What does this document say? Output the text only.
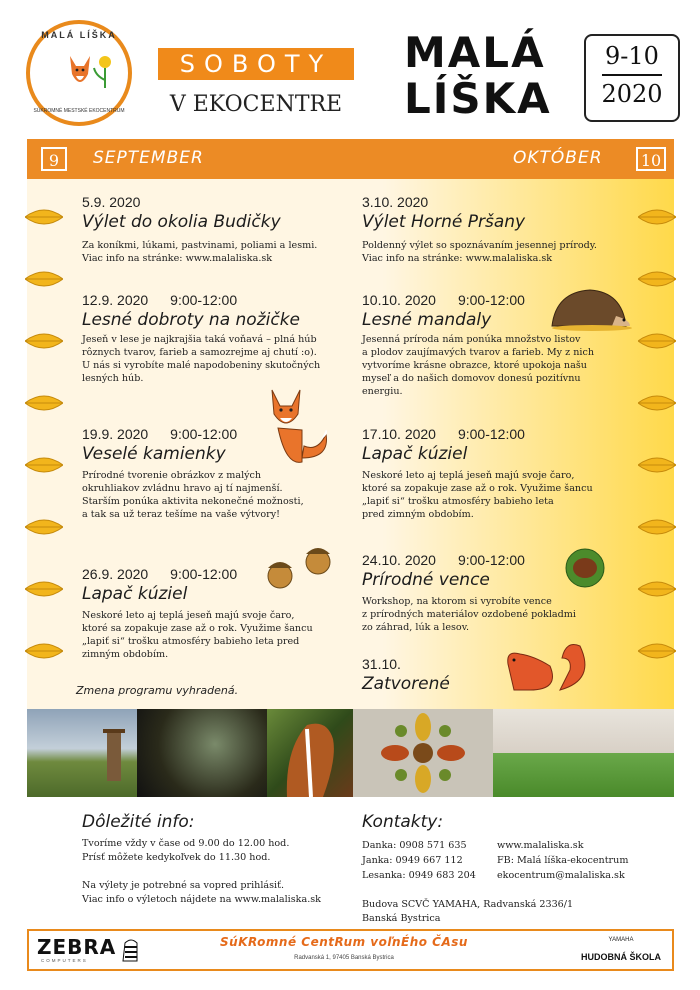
MALÁ LÍŠKA
SÚKROMNÉ MESTSKÉ EKOCENTRUM
SOBOTY
V EKOCENTRE
MALÁ
LÍŠKA
9-10
2020
9	SEPTEMBER	OKTÓBER	10
5.9. 2020
Výlet do okolia Budičky
Za koníkmi, lúkami, pastvinami, poliami a lesmi.
Viac info na stránke: www.malaliska.sk
12.9. 2020 9:00-12:00
Lesné dobroty na nožičke
Jeseň v lese je najkrajšia taká voňavá – plná húb
rôznych tvarov, farieb a samozrejme aj chutí :o).
U nás si vyrobíte malé napodobeniny skutočných
lesných húb.
19.9. 2020 9:00-12:00
Veselé kamienky
Prírodné tvorenie obrázkov z malých
okruhliakov zvládnu hravo aj tí najmenší.
Starším ponúka aktivita nekonečné možnosti,
a tak sa už teraz tešíme na vaše výtvory!
26.9. 2020 9:00-12:00
Lapač kúziel
Neskoré leto aj teplá jeseň majú svoje čaro,
ktoré sa zopakuje zase až o rok. Využime šancu
„lapiť si“ trošku atmosféry babieho leta pred
zimným obdobím.
Zmena programu vyhradená.
3.10. 2020
Výlet Horné Pršany
Poldenný výlet so spoznávaním jesennej prírody.
Viac info na stránke: www.malaliska.sk
10.10. 2020 9:00-12:00
Lesné mandaly
Jesenná príroda nám ponúka množstvo listov
a plodov zaujímavých tvarov a farieb. My z nich
vytvoríme krásne obrazce, ktoré upokoja našu
myseľ a do našich domovov donesú pozitívnu
energiu.
17.10. 2020 9:00-12:00
Lapač kúziel
Neskoré leto aj teplá jeseň majú svoje čaro,
ktoré sa zopakuje zase až o rok. Využime šancu
„lapiť si“ trošku atmosféry babieho leta
pred zimným obdobím.
24.10. 2020 9:00-12:00
Prírodné vence
Workshop, na ktorom si vyrobíte vence
z prírodných materiálov ozdobené pokladmi
zo záhrad, lúk a lesov.
31.10.
Zatvorené
Dôležité info:
Tvoríme vždy v čase od 9.00 do 12.00 hod.
Prísť môžete kedykoľvek do 11.30 hod.
Na výlety je potrebné sa vopred prihlásiť.
Viac info o výletoch nájdete na www.malaliska.sk
Kontakty:
Danka: 0908 571 635	www.malaliska.sk
Janka: 0949 667 112	FB: Malá líška-ekocentrum
Lesanka: 0949 683 204 ekocentrum@malaliska.sk
Budova SCVČ YAMAHA, Radvanská 2336/1
Banská Bystrica
ZEBRA
COMPUTERS
SúKRomné CentRum voľnÉho ČAsu
Radvanská 1, 97405 Banská Bystrica
YAMAHA
HUDOBNÁ ŠKOLA
